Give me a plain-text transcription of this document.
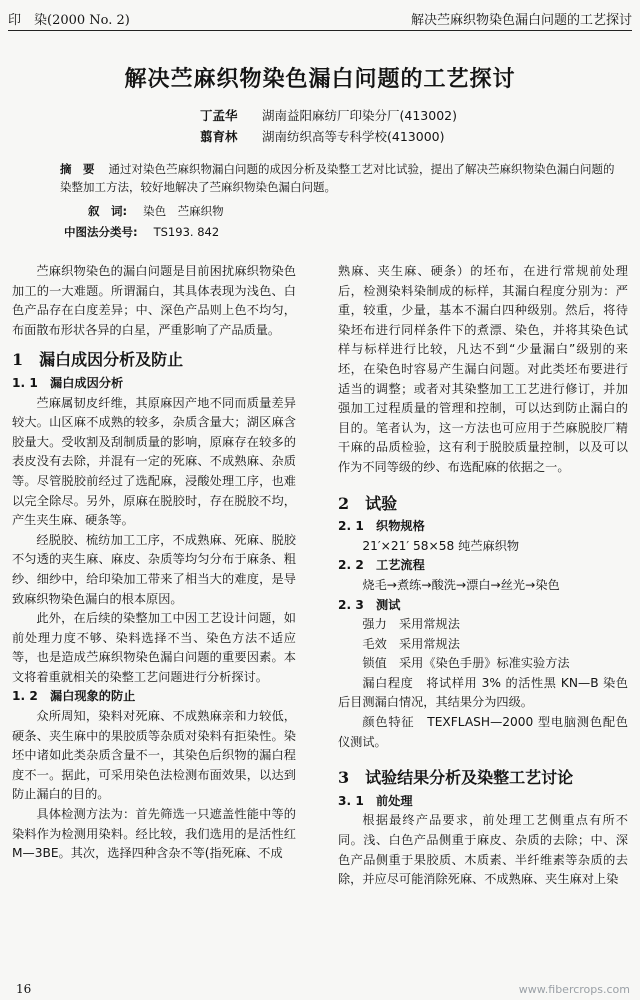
印　染(2000 No. 2)	解决苎麻织物染色漏白问题的工艺探讨
解决苎麻织物染色漏白问题的工艺探讨
丁孟华 湖南益阳麻纺厂印染分厂(413002)
翦育林 湖南纺织高等专科学校(413000)
摘　要 通过对染色苎麻织物漏白问题的成因分析及染整工艺对比试验，提出了解决苎麻织物染色漏白问题的染整加工方法，较好地解决了苎麻织物染色漏白问题。
叙　词: 染色　苎麻织物
中图法分类号: TS193. 842
苎麻织物染色的漏白问题是目前困扰麻织物染色加工的一大难题。所谓漏白，其具体表现为浅色、白色产品存在白度差异；中、深色产品则上色不均匀，布面散布形状各异的白星，严重影响了产品质量。
1　漏白成因分析及防止
1. 1　漏白成因分析
苎麻属韧皮纤维，其原麻因产地不同而质量差异较大。山区麻不成熟的较多，杂质含量大；湖区麻含胶量大。受收割及刮制质量的影响，原麻存在较多的表皮没有去除，并混有一定的死麻、不成熟麻、杂质等。尽管脱胶前经过了选配麻，浸酸处理工序，也难以完全除尽。另外，原麻在脱胶时，存在脱胶不均，产生夹生麻、硬条等。
经脱胶、梳纺加工工序，不成熟麻、死麻、脱胶不匀透的夹生麻、麻皮、杂质等均匀分布于麻条、粗纱、细纱中，给印染加工带来了相当大的难度，是导致麻织物染色漏白的根本原因。
此外，在后续的染整加工中因工艺设计问题，如前处理力度不够、染料选择不当、染色方法不适应等，也是造成苎麻织物染色漏白问题的重要因素。本文将着重就相关的染整工艺问题进行分析探讨。
1. 2　漏白现象的防止
众所周知，染料对死麻、不成熟麻亲和力较低，硬条、夹生麻中的果胶质等杂质对染料有拒染性。染坯中诸如此类杂质含量不一，其染色后织物的漏白程度不一。据此，可采用染色法检测布面效果，以达到防止漏白的目的。
具体检测方法为：首先筛选一只遮盖性能中等的染料作为检测用染料。经比较，我们选用的是活性红 M—3BE。其次，选择四种含杂不等(指死麻、不成
熟麻、夹生麻、硬条）的坯布，在进行常规前处理后，检测染料染制成的标样，其漏白程度分别为：严重，较重，少量，基本不漏白四种级别。然后，将待染坯布进行同样条件下的煮漂、染色，并将其染色试样与标样进行比较，凡达不到“少量漏白”级别的来坯，在染色时容易产生漏白问题。对此类坯布要进行适当的调整；或者对其染整加工工艺进行修订，并加强加工过程质量的管理和控制，可以达到防止漏白的目的。笔者认为，这一方法也可应用于苎麻脱胶厂精干麻的品质检验，这有利于脱胶质量控制，以及可以作为不同等级的纱、布选配麻的依据之一。
2　试验
2. 1　织物规格
21′×21′ 58×58 纯苎麻织物
2. 2　工艺流程
烧毛→煮练→酸洗→漂白→丝光→染色
2. 3　测试
强力　采用常规法
毛效　采用常规法
锁值　采用《染色手册》标准实验方法
漏白程度　将试样用 3% 的活性黑 KN—B 染色后目测漏白情况，其结果分为四级。
颜色特征　TEXFLASH—2000 型电脑测色配色仪测试。
3　试验结果分析及染整工艺讨论
3. 1　前处理
根据最终产品要求，前处理工艺侧重点有所不同。浅、白色产品侧重于麻皮、杂质的去除；中、深色产品侧重于果胶质、木质素、半纤维素等杂质的去除，并应尽可能消除死麻、不成熟麻、夹生麻对上染
16	www.fibercrops.com
